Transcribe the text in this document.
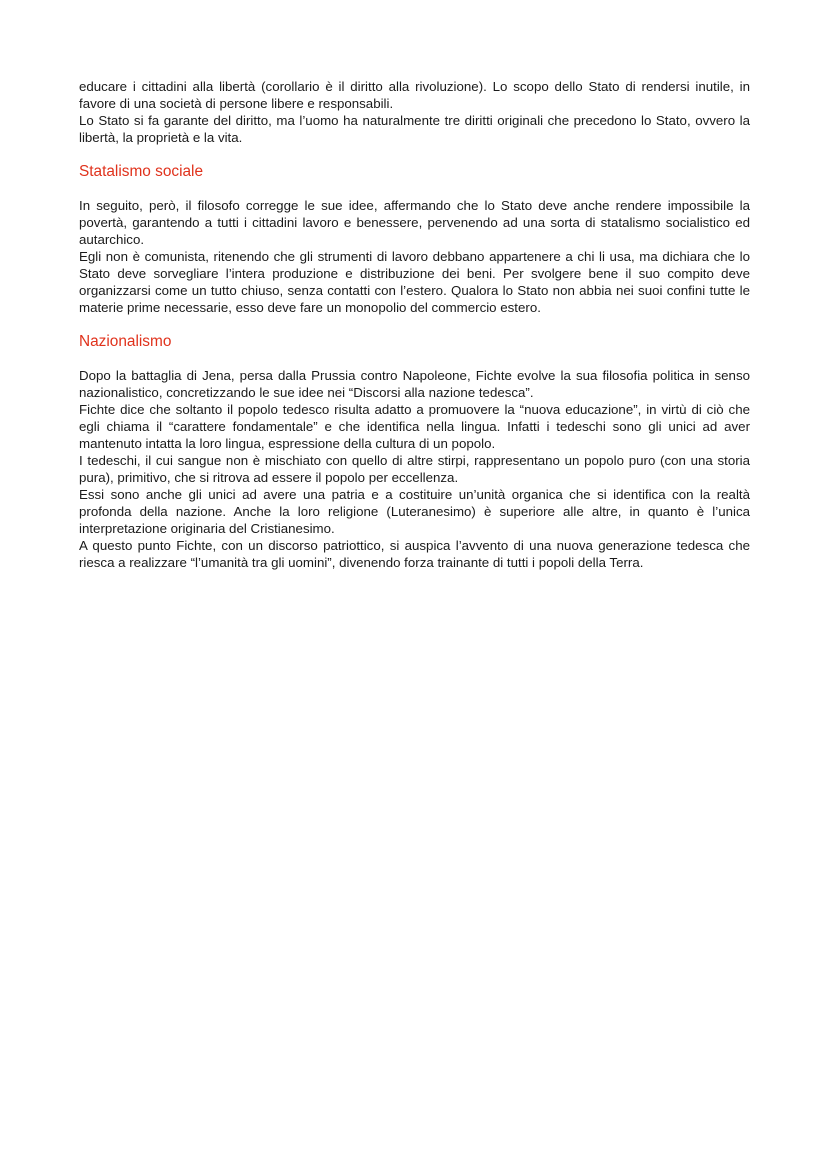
educare i cittadini alla libertà (corollario è il diritto alla rivoluzione). Lo scopo dello Stato di rendersi inutile, in favore di una società di persone libere e responsabili.

Lo Stato si fa garante del diritto, ma l’uomo ha naturalmente tre diritti originali che precedono lo Stato, ovvero la libertà, la proprietà e la vita.

Statalismo sociale

In seguito, però, il filosofo corregge le sue idee, affermando che lo Stato deve anche rendere impossibile la povertà, garantendo a tutti i cittadini lavoro e benessere, pervenendo ad una sorta di statalismo socialistico ed autarchico.

Egli non è comunista, ritenendo che gli strumenti di lavoro debbano appartenere a chi li usa, ma dichiara che lo Stato deve sorvegliare l’intera produzione e distribuzione dei beni. Per svolgere bene il suo compito deve organizzarsi come un tutto chiuso, senza contatti con l’estero. Qualora lo Stato non abbia nei suoi confini tutte le materie prime necessarie, esso deve fare un monopolio del commercio estero.

Nazionalismo

Dopo la battaglia di Jena, persa dalla Prussia contro Napoleone, Fichte evolve la sua filosofia politica in senso nazionalistico, concretizzando le sue idee nei “Discorsi alla nazione tedesca”.

Fichte dice che soltanto il popolo tedesco risulta adatto a promuovere la “nuova educazione”, in virtù di ciò che egli chiama il “carattere fondamentale” e che identifica nella lingua. Infatti i tedeschi sono gli unici ad aver mantenuto intatta la loro lingua, espressione della cultura di un popolo.

I tedeschi, il cui sangue non è mischiato con quello di altre stirpi, rappresentano un popolo puro (con una storia pura), primitivo, che si ritrova ad essere il popolo per eccellenza.

Essi sono anche gli unici ad avere una patria e a costituire un’unità organica che si identifica con la realtà profonda della nazione. Anche la loro religione (Luteranesimo) è superiore alle altre, in quanto è l’unica interpretazione originaria del Cristianesimo.

A questo punto Fichte, con un discorso patriottico, si auspica l’avvento di una nuova generazione tedesca che riesca a realizzare “l’umanità tra gli uomini”, divenendo forza trainante di tutti i popoli della Terra.
